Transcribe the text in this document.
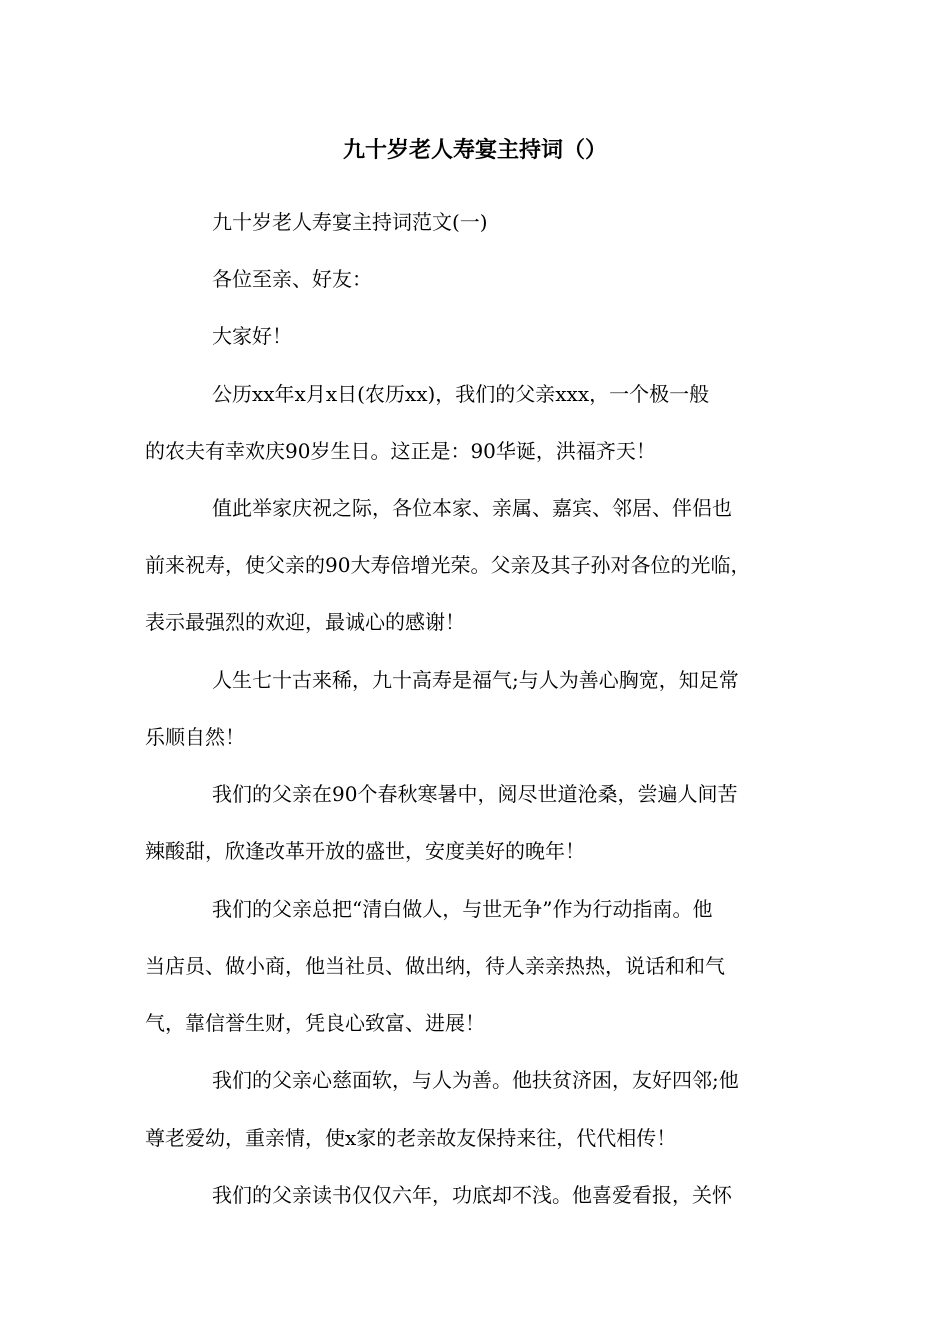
九十岁老人寿宴主持词（）
九十岁老人寿宴主持词范文(一)
各位至亲、好友：
大家好！
公历xx年x月x日(农历xx)，我们的父亲xxx，一个极一般
的农夫有幸欢庆90岁生日。这正是：90华诞，洪福齐天！
值此举家庆祝之际，各位本家、亲属、嘉宾、邻居、伴侣也
前来祝寿，使父亲的90大寿倍增光荣。父亲及其子孙对各位的光临，
表示最强烈的欢迎，最诚心的感谢！
人生七十古来稀，九十高寿是福气;与人为善心胸宽，知足常
乐顺自然！
我们的父亲在90个春秋寒暑中，阅尽世道沧桑，尝遍人间苦
辣酸甜，欣逢改革开放的盛世，安度美好的晚年！
我们的父亲总把“清白做人，与世无争”作为行动指南。他
当店员、做小商，他当社员、做出纳，待人亲亲热热，说话和和气
气，靠信誉生财，凭良心致富、进展！
我们的父亲心慈面软，与人为善。他扶贫济困，友好四邻;他
尊老爱幼，重亲情，使x家的老亲故友保持来往，代代相传！
我们的父亲读书仅仅六年，功底却不浅。他喜爱看报，关怀
